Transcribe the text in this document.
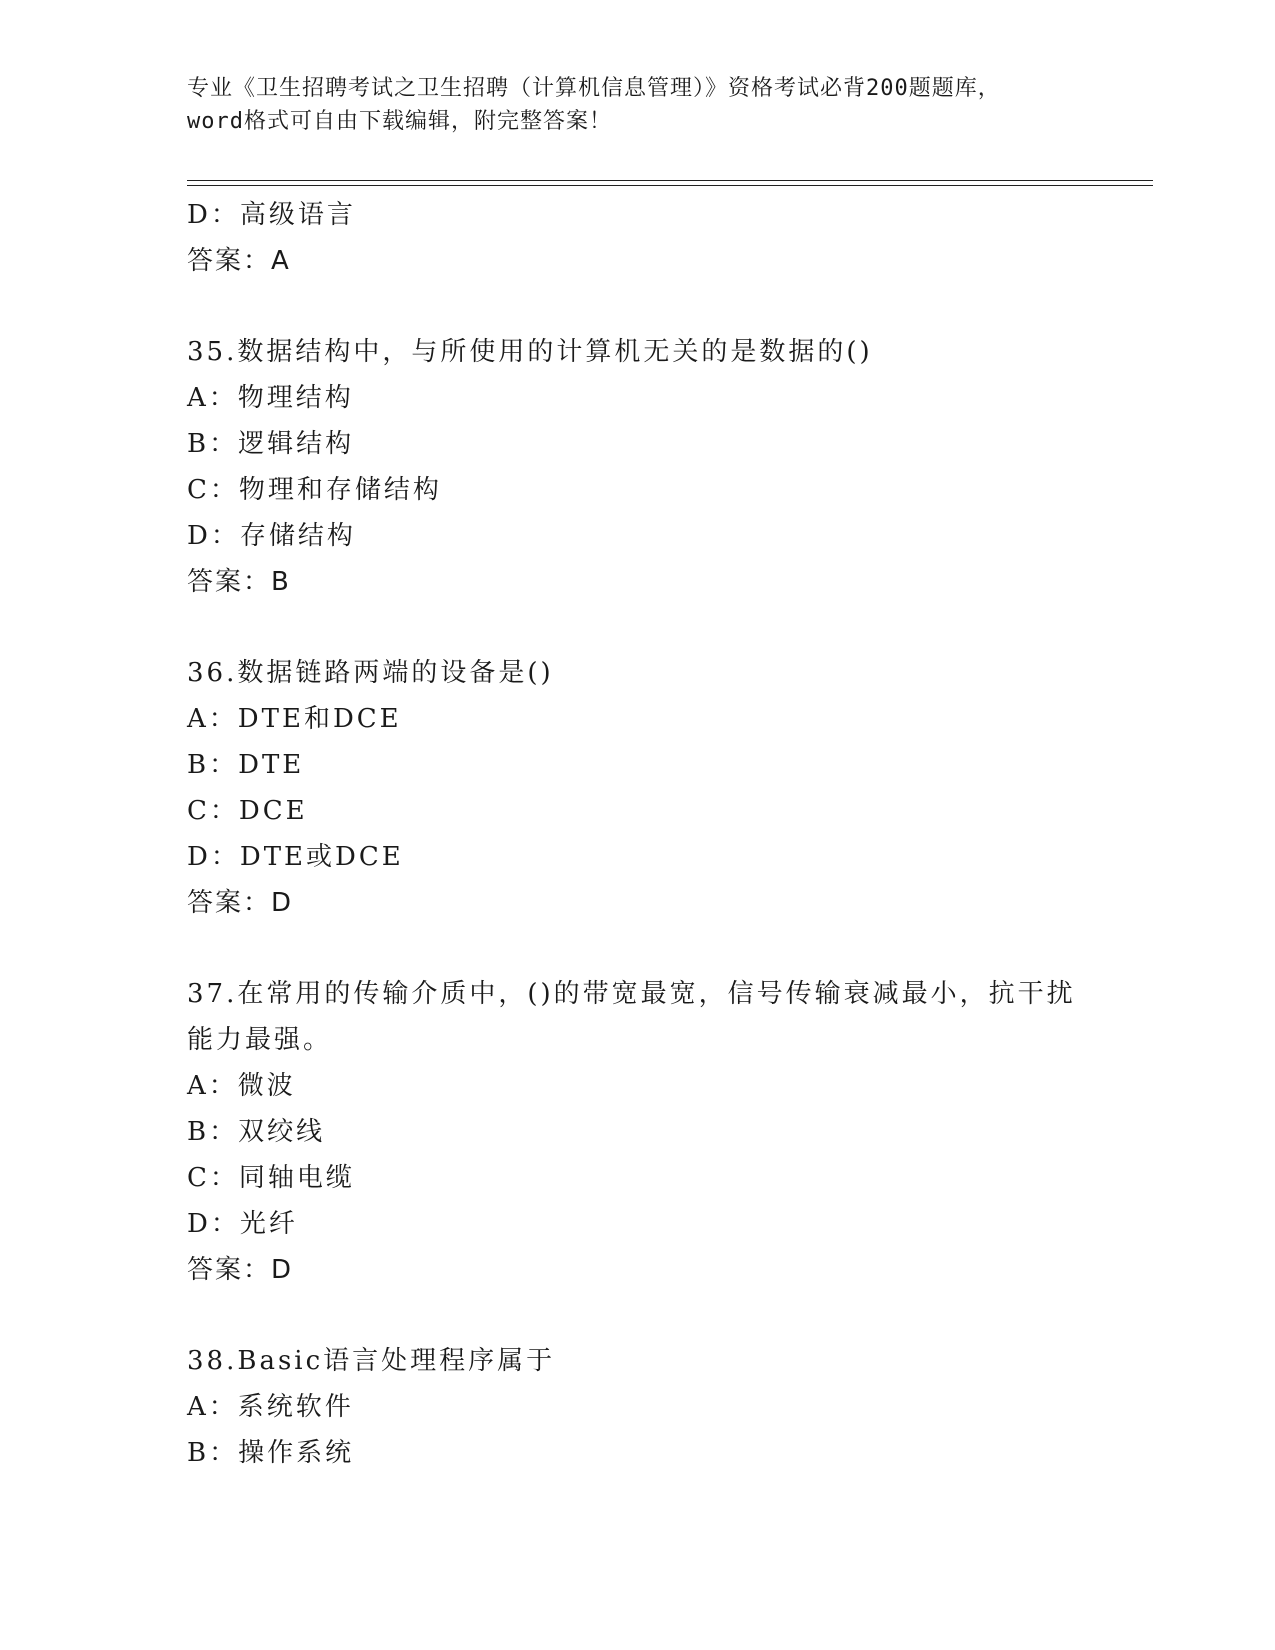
专业《卫生招聘考试之卫生招聘（计算机信息管理）》资格考试必背200题题库，
word格式可自由下载编辑，附完整答案！
D：高级语言
答案：A
35.数据结构中，与所使用的计算机无关的是数据的()
A：物理结构
B：逻辑结构
C：物理和存储结构
D：存储结构
答案：B
36.数据链路两端的设备是()
A：DTE和DCE
B：DTE
C：DCE
D：DTE或DCE
答案：D
37.在常用的传输介质中，()的带宽最宽，信号传输衰减最小，抗干扰能力最强。
A：微波
B：双绞线
C：同轴电缆
D：光纤
答案：D
38.Basic语言处理程序属于
A：系统软件
B：操作系统
